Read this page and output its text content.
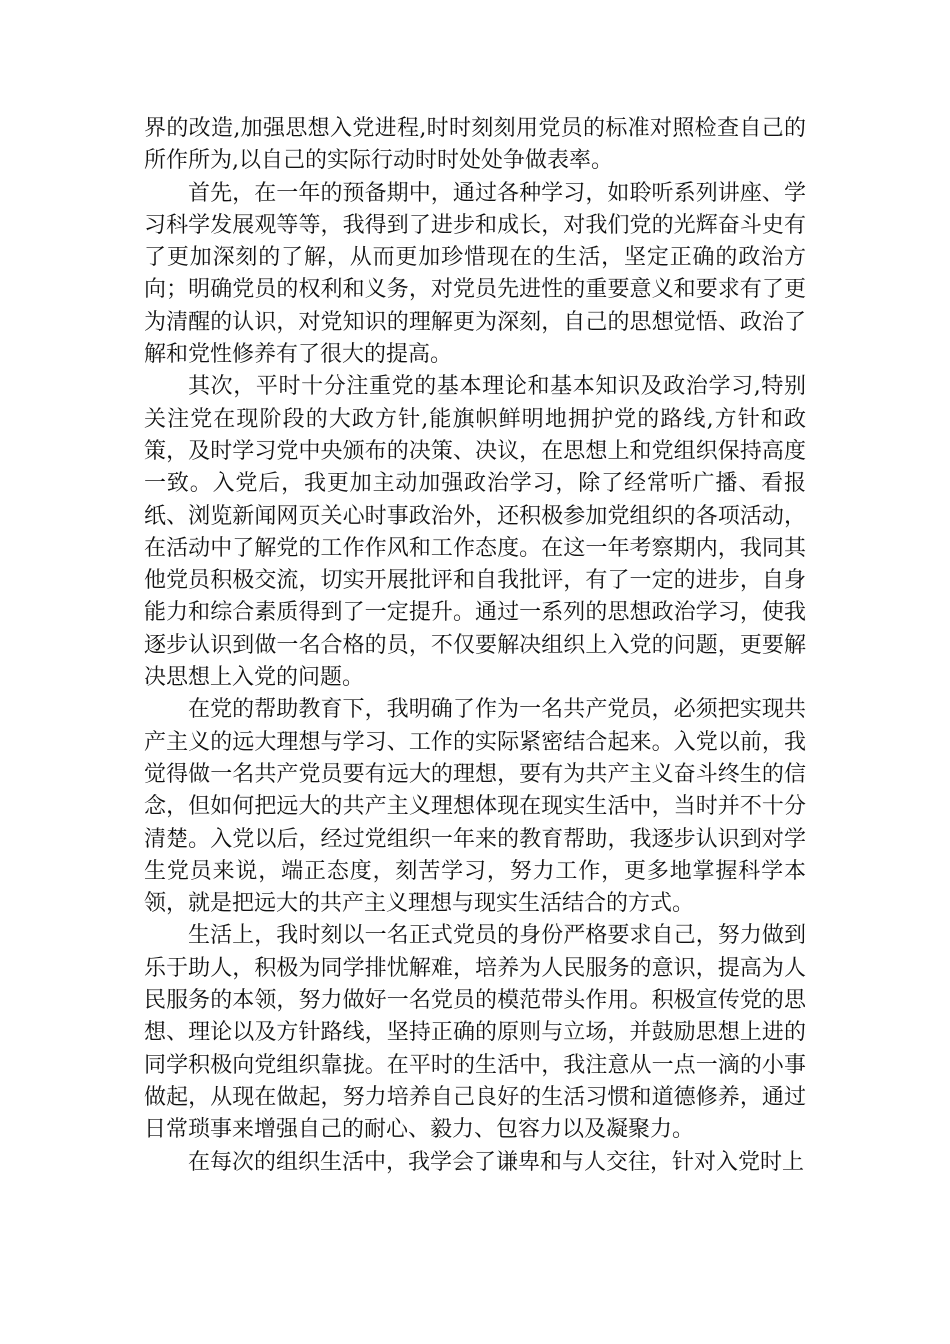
界的改造,加强思想入党进程,时时刻刻用党员的标准对照检查自己的所作所为,以自己的实际行动时时处处争做表率。

首先，在一年的预备期中，通过各种学习，如聆听系列讲座、学习科学发展观等等，我得到了进步和成长，对我们党的光辉奋斗史有了更加深刻的了解，从而更加珍惜现在的生活，坚定正确的政治方向；明确党员的权利和义务，对党员先进性的重要意义和要求有了更为清醒的认识，对党知识的理解更为深刻，自己的思想觉悟、政治了解和党性修养有了很大的提高。

其次，平时十分注重党的基本理论和基本知识及政治学习,特别关注党在现阶段的大政方针,能旗帜鲜明地拥护党的路线,方针和政策，及时学习党中央颁布的决策、决议，在思想上和党组织保持高度一致。入党后，我更加主动加强政治学习，除了经常听广播、看报纸、浏览新闻网页关心时事政治外，还积极参加党组织的各项活动，在活动中了解党的工作作风和工作态度。在这一年考察期内，我同其他党员积极交流，切实开展批评和自我批评，有了一定的进步，自身能力和综合素质得到了一定提升。通过一系列的思想政治学习，使我逐步认识到做一名合格的员，不仅要解决组织上入党的问题，更要解决思想上入党的问题。

在党的帮助教育下，我明确了作为一名共产党员，必须把实现共产主义的远大理想与学习、工作的实际紧密结合起来。入党以前，我觉得做一名共产党员要有远大的理想，要有为共产主义奋斗终生的信念，但如何把远大的共产主义理想体现在现实生活中，当时并不十分清楚。入党以后，经过党组织一年来的教育帮助，我逐步认识到对学生党员来说，端正态度，刻苦学习，努力工作，更多地掌握科学本领，就是把远大的共产主义理想与现实生活结合的方式。

生活上，我时刻以一名正式党员的身份严格要求自己，努力做到乐于助人，积极为同学排忧解难，培养为人民服务的意识，提高为人民服务的本领，努力做好一名党员的模范带头作用。积极宣传党的思想、理论以及方针路线，坚持正确的原则与立场，并鼓励思想上进的同学积极向党组织靠拢。在平时的生活中，我注意从一点一滴的小事做起，从现在做起，努力培养自己良好的生活习惯和道德修养，通过日常琐事来增强自己的耐心、毅力、包容力以及凝聚力。

在每次的组织生活中，我学会了谦卑和与人交往，针对入党时上
